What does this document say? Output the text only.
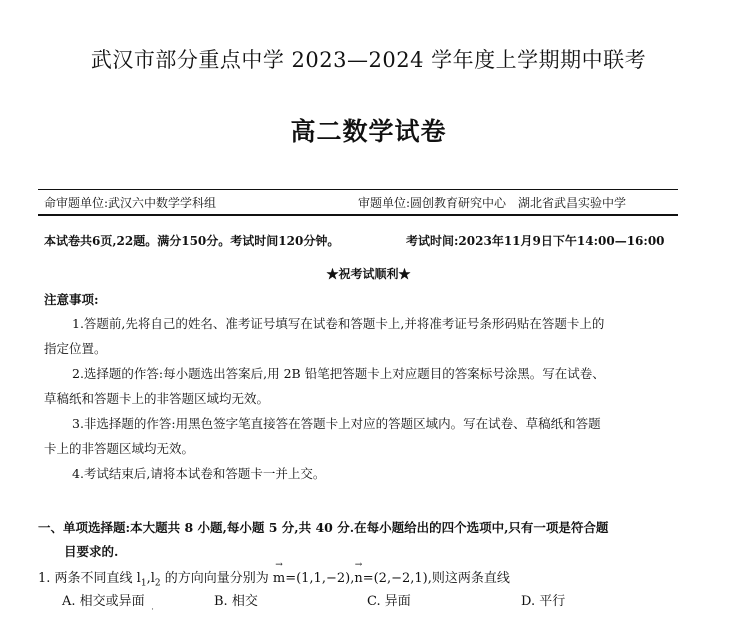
武汉市部分重点中学 2023—2024 学年度上学期期中联考
高二数学试卷
命审题单位:武汉六中数学学科组	审题单位:圆创教育研究中心　湖北省武昌实验中学
本试卷共6页,22题。满分150分。考试时间120分钟。	考试时间:2023年11月9日下午14:00—16:00
★祝考试顺利★
注意事项:
1.答题前,先将自己的姓名、准考证号填写在试卷和答题卡上,并将准考证号条形码贴在答题卡上的
指定位置。
2.选择题的作答:每小题选出答案后,用 2B 铅笔把答题卡上对应题目的答案标号涂黑。写在试卷、
草稿纸和答题卡上的非答题区域均无效。
3.非选择题的作答:用黑色签字笔直接答在答题卡上对应的答题区域内。写在试卷、草稿纸和答题
卡上的非答题区域均无效。
4.考试结束后,请将本试卷和答题卡一并上交。
一、单项选择题:本大题共 8 小题,每小题 5 分,共 40 分.在每小题给出的四个选项中,只有一项是符合题
目要求的.
1. 两条不同直线 $l_1,l_2$ 的方向向量分别为 → m=(1,1,−2),→ n=(2,−2,1),则这两条直线
A. 相交或异面	B. 相交	C. 异面	D. 平行
˙
